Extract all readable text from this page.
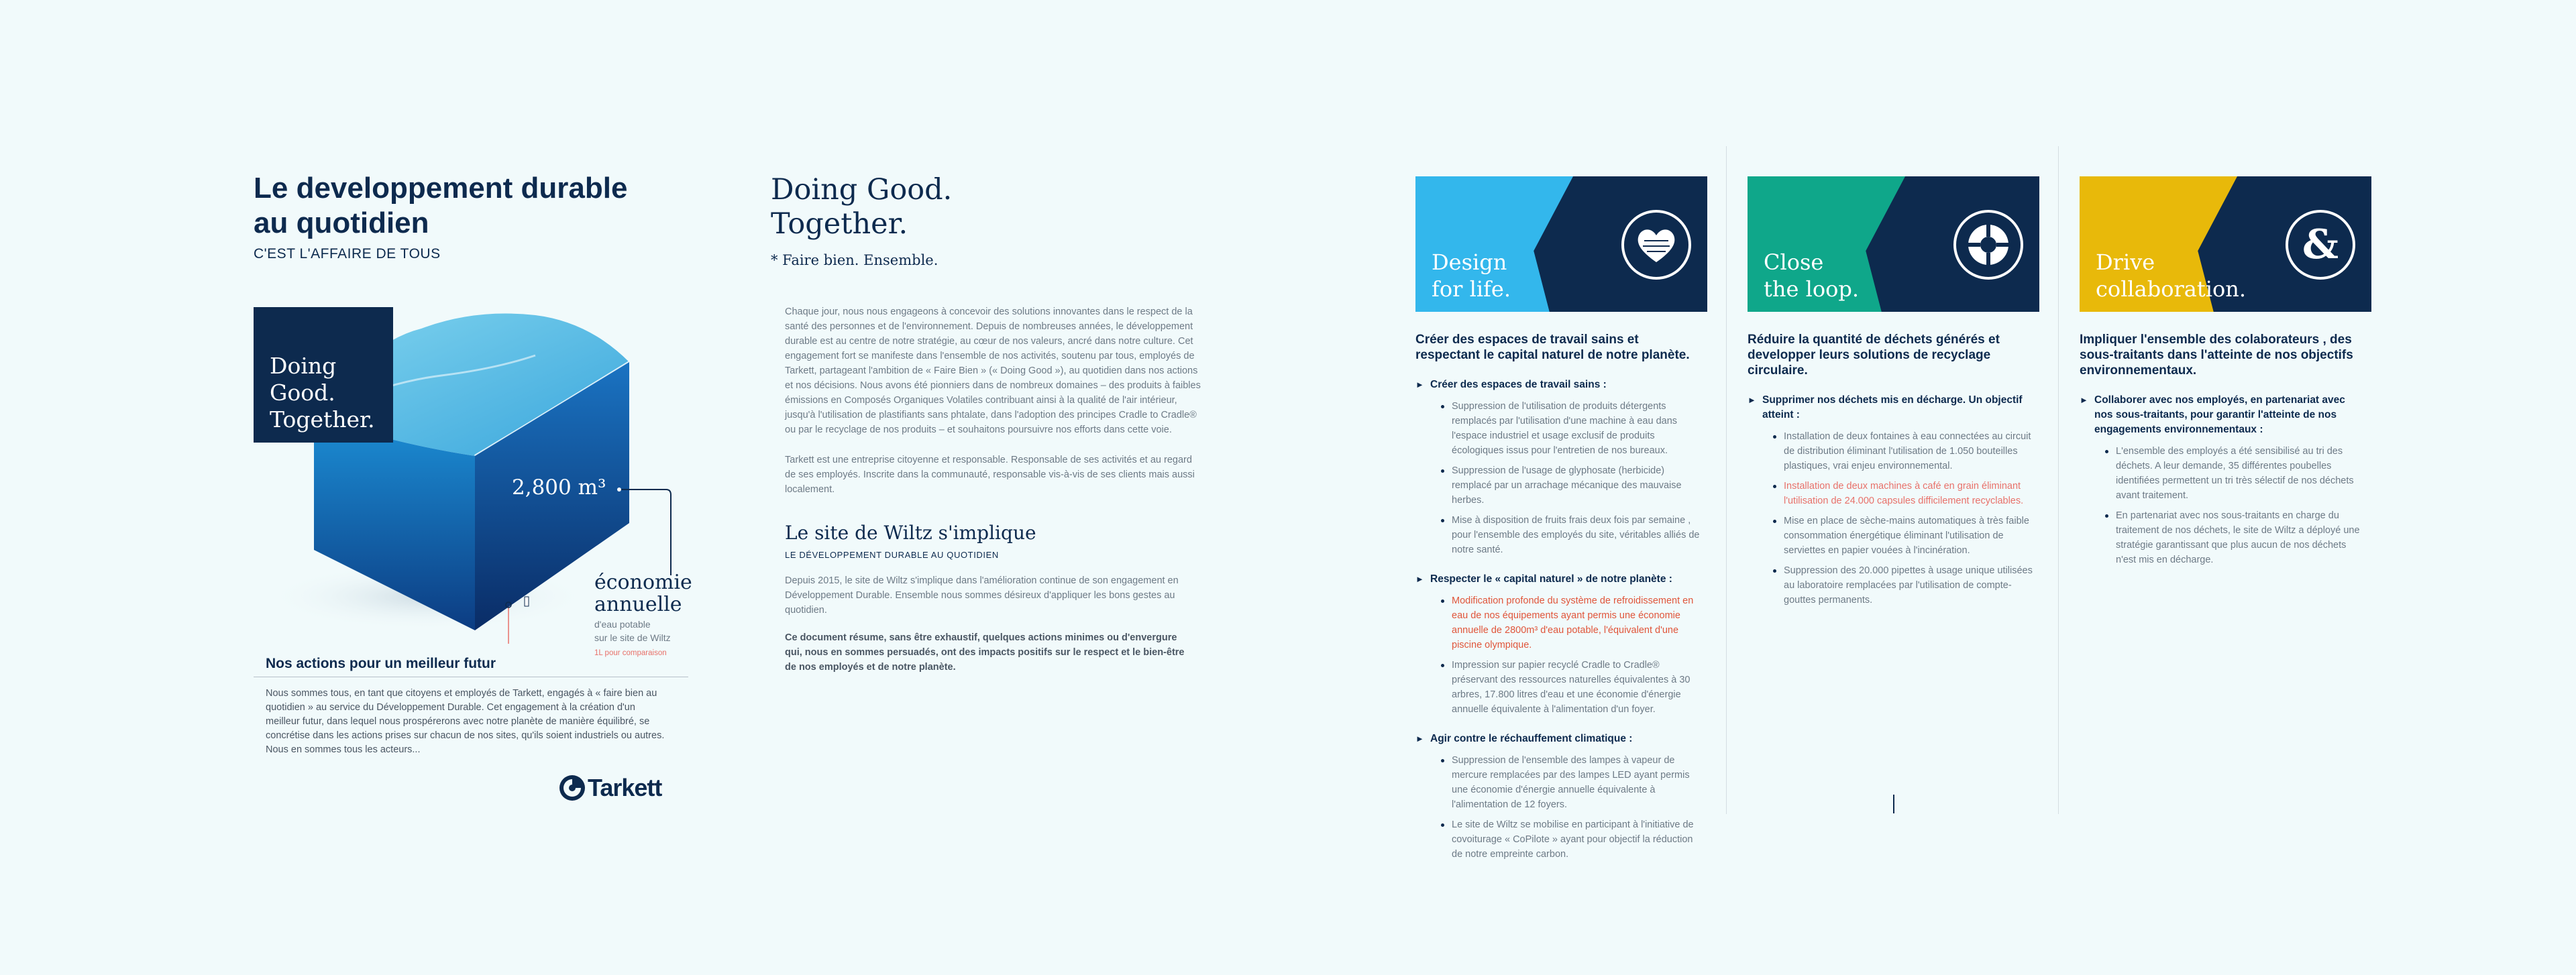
Le developpement durable
au quotidien
C'EST L'AFFAIRE DE TOUS
Doing
Good.
Together.
2,800 m³
économie
annuelle
d'eau potable
sur le site de Wiltz
1L pour comparaison
Nos actions pour un meilleur futur
Nous sommes tous, en tant que citoyens et employés de Tarkett, engagés à « faire bien au quotidien » au service du Développement Durable. Cet engagement à la création d'un meilleur futur, dans lequel nous prospérerons avec notre planète de manière équilibré, se concrétise dans les actions prises sur chacun de nos sites, qu'ils soient industriels ou autres. Nous en sommes tous les acteurs...
Tarkett
Doing Good.
Together.
* Faire bien. Ensemble.
Chaque jour, nous nous engageons à concevoir des solutions innovantes dans le respect de la santé des personnes et de l'environnement. Depuis de nombreuses années, le développement durable est au centre de notre stratégie, au cœur de nos valeurs, ancré dans notre culture. Cet engagement fort se manifeste dans l'ensemble de nos activités, soutenu par tous, employés de Tarkett, partageant l'ambition de « Faire Bien » (« Doing Good »), au quotidien dans nos actions et nos décisions. Nous avons été pionniers dans de nombreux domaines – des produits à faibles émissions en Composés Organiques Volatiles contribuant ainsi à la qualité de l'air intérieur, jusqu'à l'utilisation de plastifiants sans phtalate, dans l'adoption des principes Cradle to Cradle® ou par le recyclage de nos produits – et souhaitons poursuivre nos efforts dans cette voie.
Tarkett est une entreprise citoyenne et responsable. Responsable de ses activités et au regard de ses employés. Inscrite dans la communauté, responsable vis-à-vis de ses clients mais aussi localement.
Le site de Wiltz s'implique
LE DÉVELOPPEMENT DURABLE AU QUOTIDIEN
Depuis 2015, le site de Wiltz s'implique dans l'amélioration continue de son engagement en Développement Durable. Ensemble nous sommes désireux d'appliquer les bons gestes au quotidien.
Ce document résume, sans être exhaustif, quelques actions minimes ou d'envergure qui, nous en sommes persuadés, ont des impacts positifs sur le respect et le bien-être de nos employés et de notre planète.
Design
for life.
Créer des espaces de travail sains et respectant le capital naturel de notre planète.
► Créer des espaces de travail sains :
Suppression de l'utilisation de produits détergents remplacés par l'utilisation d'une machine à eau dans l'espace industriel et usage exclusif de produits écologiques issus pour l'entretien de nos bureaux.
Suppression de l'usage de glyphosate (herbicide) remplacé par un arrachage mécanique des mauvaise herbes.
Mise à disposition de fruits frais deux fois par semaine , pour l'ensemble des employés du site, véritables alliés de notre santé.
► Respecter le « capital naturel » de notre planète :
Modification profonde du système de refroidissement en eau de nos équipements ayant permis une économie annuelle de 2800m³ d'eau potable, l'équivalent d'une piscine olympique.
Impression sur papier recyclé Cradle to Cradle® préservant des ressources naturelles équivalentes à 30 arbres, 17.800 litres d'eau et une économie d'énergie annuelle équivalente à l'alimentation d'un foyer.
► Agir contre le réchauffement climatique :
Suppression de l'ensemble des lampes à vapeur de mercure remplacées par des lampes LED ayant permis une économie d'énergie annuelle équivalente à l'alimentation de 12 foyers.
Le site de Wiltz se mobilise en participant à l'initiative de covoiturage « CoPilote » ayant pour objectif la réduction de notre empreinte carbon.
Close
the loop.
Réduire la quantité de déchets générés et developper leurs solutions de recyclage circulaire.
► Supprimer nos déchets mis en décharge. Un objectif atteint :
Installation de deux fontaines à eau connectées au circuit de distribution éliminant l'utilisation de 1.050 bouteilles plastiques, vrai enjeu environnemental.
Installation de deux machines à café en grain éliminant l'utilisation de 24.000 capsules difficilement recyclables.
Mise en place de sèche-mains automatiques à très faible consommation énergétique éliminant l'utilisation de serviettes en papier vouées à l'incinération.
Suppression des 20.000 pipettes à usage unique utilisées au laboratoire remplacées par l'utilisation de compte-gouttes permanents.
Drive
collaboration.
&
Impliquer l'ensemble des colaborateurs , des sous-traitants dans l'atteinte de nos objectifs environnementaux.
► Collaborer avec nos employés, en partenariat avec nos sous-traitants, pour garantir l'atteinte de nos engagements environnementaux :
L'ensemble des employés a été sensibilisé au tri des déchets. A leur demande, 35 différentes poubelles identifiées permettent un tri très sélectif de nos déchets avant traitement.
En partenariat avec nos sous-traitants en charge du traitement de nos déchets, le site de Wiltz a déployé une stratégie garantissant que plus aucun de nos déchets n'est mis en décharge.
